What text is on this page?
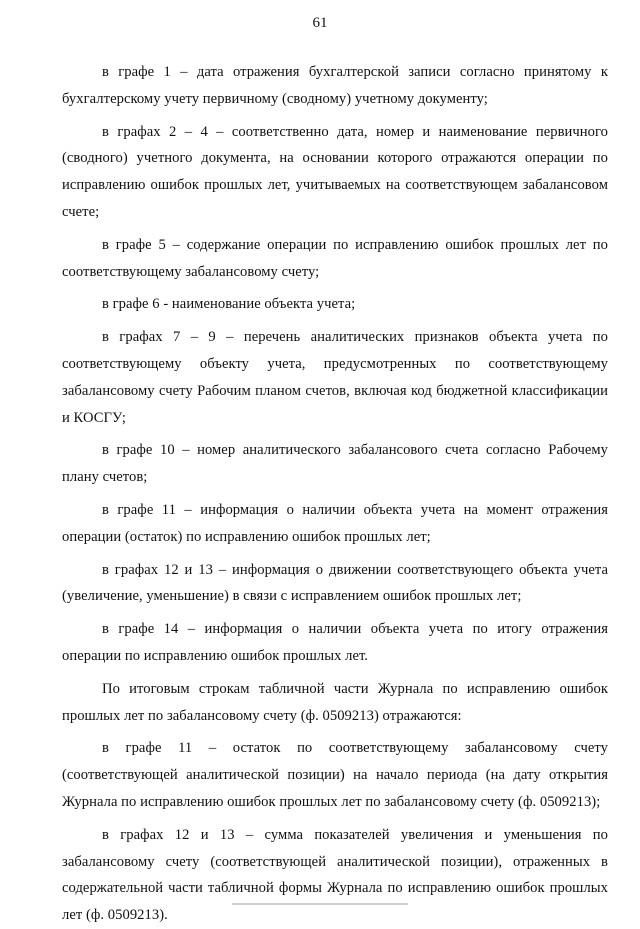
61

в графе 1 – дата отражения бухгалтерской записи согласно принятому к бухгалтерскому учету первичному (сводному) учетному документу;

в графах 2 – 4 – соответственно дата, номер и наименование первичного (сводного) учетного документа, на основании которого отражаются операции по исправлению ошибок прошлых лет, учитываемых на соответствующем забалансовом счете;

в графе 5 – содержание операции по исправлению ошибок прошлых лет по соответствующему забалансовому счету;

в графе 6 - наименование объекта учета;

в графах 7 – 9 – перечень аналитических признаков объекта учета по соответствующему объекту учета, предусмотренных по соответствующему забалансовому счету Рабочим планом счетов, включая код бюджетной классификации и КОСГУ;

в графе 10 – номер аналитического забалансового счета согласно Рабочему плану счетов;

в графе 11 – информация о наличии объекта учета на момент отражения операции (остаток) по исправлению ошибок прошлых лет;

в графах 12 и 13 – информация о движении соответствующего объекта учета (увеличение, уменьшение) в связи с исправлением ошибок прошлых лет;

в графе 14 – информация о наличии объекта учета по итогу отражения операции по исправлению ошибок прошлых лет.

По итоговым строкам табличной части Журнала по исправлению ошибок прошлых лет по забалансовому счету (ф. 0509213) отражаются:

в графе 11 – остаток по соответствующему забалансовому счету (соответствующей аналитической позиции) на начало периода (на дату открытия Журнала по исправлению ошибок прошлых лет по забалансовому счету (ф. 0509213);

в графах 12 и 13 – сумма показателей увеличения и уменьшения по забалансовому счету (соответствующей аналитической позиции), отраженных в содержательной части табличной формы Журнала по исправлению ошибок прошлых лет (ф. 0509213).
